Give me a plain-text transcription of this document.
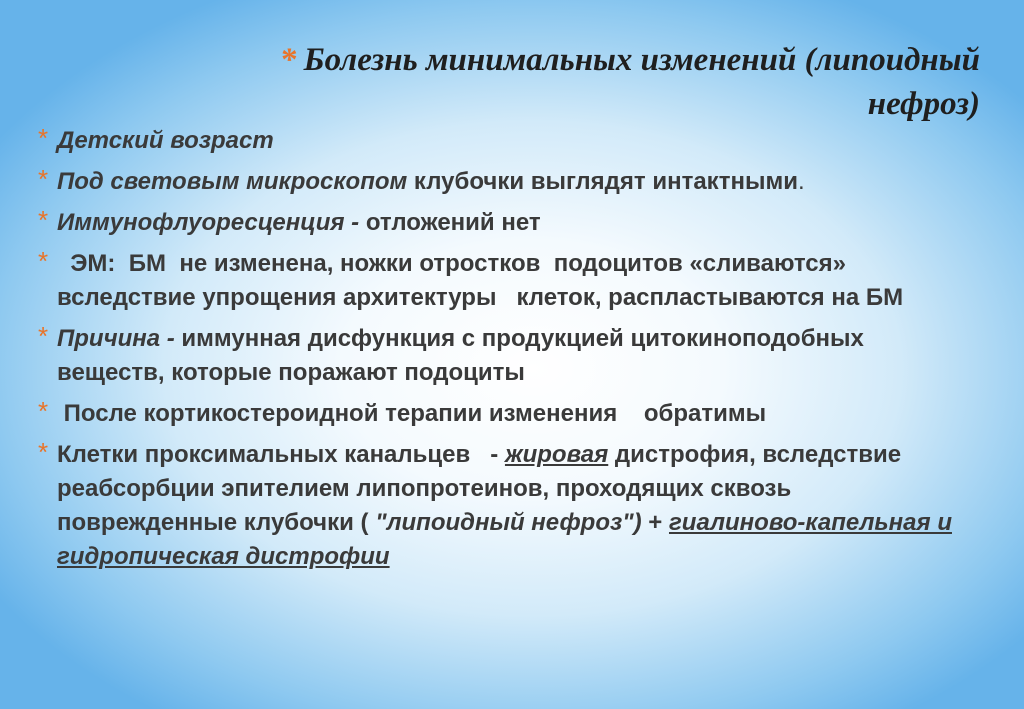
* Болезнь минимальных изменений (липоидный нефроз)
* Детский возраст
* Под световым микроскопом клубочки выглядят интактными.
* Иммунофлуоресценция - отложений нет
* ЭМ:  БМ  не изменена, ножки отростков  подоцитов «сливаются» вследствие упрощения архитектуры   клеток, распластываются на БМ
* Причина - иммунная дисфункция с продукцией цитокиноподобных веществ, которые поражают подоциты
* После кортикостероидной терапии изменения    обратимы
* Клетки проксимальных канальцев   - жировая дистрофия, вследствие реабсорбции эпителием липопротеинов, проходящих сквозь поврежденные клубочки ( "липоидный нефроз") + гиалиново-капельная и гидропическая дистрофии
